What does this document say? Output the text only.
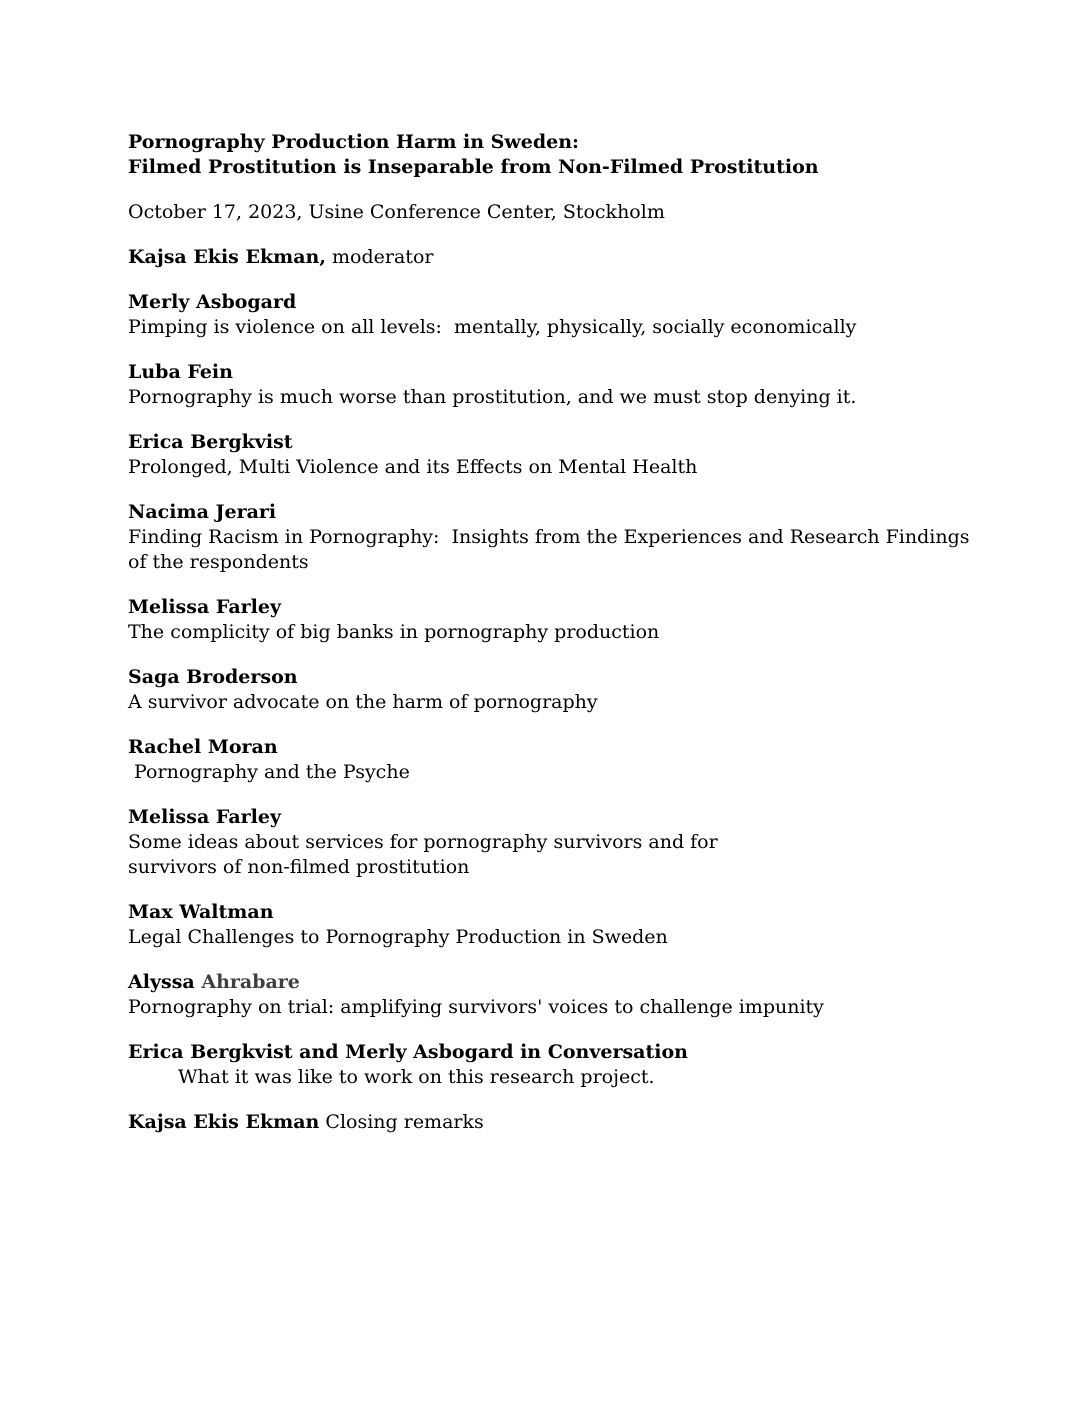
Pornography Production Harm in Sweden:
Filmed Prostitution is Inseparable from Non-Filmed Prostitution
October 17, 2023, Usine Conference Center, Stockholm
Kajsa Ekis Ekman, moderator
Merly Asbogard
Pimping is violence on all levels:  mentally, physically, socially economically
Luba Fein
Pornography is much worse than prostitution, and we must stop denying it.
Erica Bergkvist
Prolonged, Multi Violence and its Effects on Mental Health
Nacima Jerari
Finding Racism in Pornography:  Insights from the Experiences and Research Findings
of the respondents
Melissa Farley
The complicity of big banks in pornography production
Saga Broderson
A survivor advocate on the harm of pornography
Rachel Moran
Pornography and the Psyche
Melissa Farley
Some ideas about services for pornography survivors and for
survivors of non-filmed prostitution
Max Waltman
Legal Challenges to Pornography Production in Sweden
Alyssa Ahrabare
Pornography on trial: amplifying survivors' voices to challenge impunity
Erica Bergkvist and Merly Asbogard in Conversation
What it was like to work on this research project.
Kajsa Ekis Ekman Closing remarks
